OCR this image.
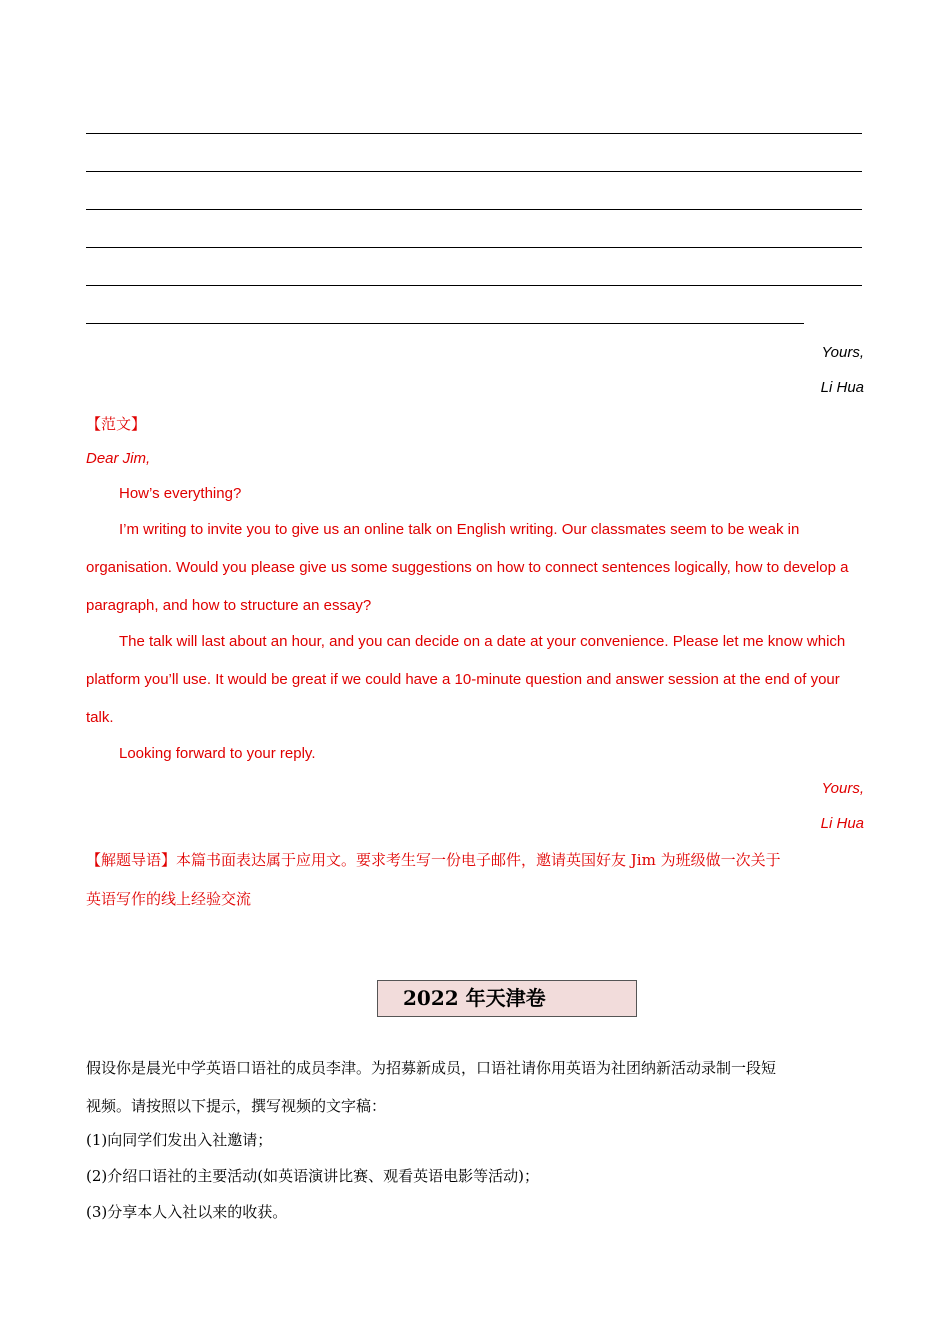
Yours,
Li Hua
【范文】
Dear Jim,
How’s everything?
I’m writing to invite you to give us an online talk on English writing. Our classmates seem to be weak in
organisation. Would you please give us some suggestions on how to connect sentences logically, how to develop a
paragraph, and how to structure an essay?
The talk will last about an hour, and you can decide on a date at your convenience. Please let me know which
platform you’ll use. It would be great if we could have a 10-minute question and answer session at the end of your
talk.
Looking forward to your reply.
Yours,
Li Hua
【解题导语】本篇书面表达属于应用文。要求考生写一份电子邮件，邀请英国好友 Jim 为班级做一次关于
英语写作的线上经验交流
2022 年天津卷
假设你是晨光中学英语口语社的成员李津。为招募新成员，口语社请你用英语为社团纳新活动录制一段短
视频。请按照以下提示，撰写视频的文字稿：
(1)向同学们发出入社邀请；
(2)介绍口语社的主要活动(如英语演讲比赛、观看英语电影等活动)；
(3)分享本人入社以来的收获。
